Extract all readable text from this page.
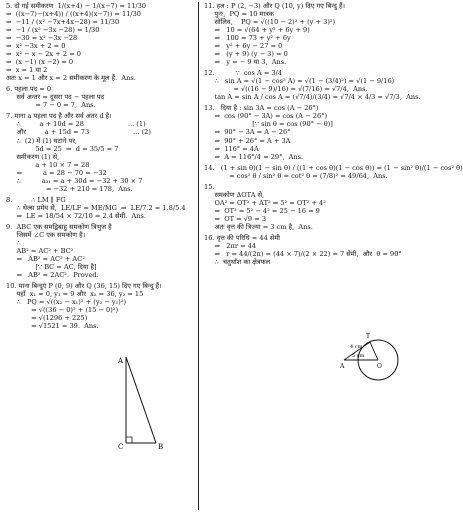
5. दो गई समीकरण  1/(x+4) − 1/(x−7) = 11/30
⇒  ((x−7)−(x+4)) / ((x+4)(x−7)) = 11/30
⇒  −11 / (x² −7x+4x−28) = 11/30
⇒  −1 / (x² −3x −28) = 1/30
⇒  −30 = x² −3x −28
⇒  x² −3x + 2 = 0
⇒  x² − x − 2x + 2 = 0
⇒  (x −1) (x −2) = 0
⇒  x = 1 या 2
अतः x = 1 और x = 2 समीकरण के मूल हैं.  Ans.
6. पहला पद = 0
सर्व अन्तर = दूसरा पद − पहला पद
= 7 − 0 = 7,  Ans.
7. माना a पहला पद है और सर्व अंतर d है।
∴         a + 10d = 28                     ... (1)
और         a + 15d = 73                     ... (2)
∴  (2) में (1) घटाने पर,
5d = 25  ⇒  d = 35/5 = 7
समीकरण (1) से,
a + 10 × 7 = 28
⇒          a = 28 − 70 = −32
∴          a₃₁ = a + 30d = −32 + 30 × 7
= −32 + 210 = 178,  Ans.
8.         ∴ LM ∥ FG
∴ थेल्स प्रमेय से,  LE/LF = ME/MG  ⇒  LE/7.2 = 1.8/5.4
⇒  LE = 18/54 × 72/10 = 2.4 सेमी.  Ans.
9.  ABC एक समद्विबाहु समकोण त्रिभुज है
जिसमें ∠C एक समकोण है।
∴
AB² = AC² + BC²
⇒   AB² = AC² + AC²
[∵ BC = AC, दिया है]
⇒   AB² = 2AC².  Proved.
10. माना बिन्दुएं P (0, 9) और Q (36, 15) दिए गए बिन्दु हैं।
यहाँ  x₁ = 0, y₁ = 9 और  x₂ = 36, y₂ = 15
∴   PQ = √((x₂ − x₁)² + (y₂ − y₁)²)
= √((36 − 0)² + (15 − 0)²)
= √(1296 + 225)
= √1521 = 39.  Ans.
11. हल : P (2, −3) और Q (10, y) दिए गए बिन्दु हैं।
पुनः,  PQ = 10 मात्रक
सॉलिव,    PQ = √((10 − 2)² + (y + 3)²)
⇒   10 = √(64 + y² + 6y + 9)
⇒   100 = 73 + y² + 6y
⇒   y² + 6y − 27 = 0
⇒   (y + 9) (y − 3) = 0
⇒   y = − 9 या 3,  Ans.
12.          ∵  cos A = 3/4
∴   sin A = √(1 − cos² A) = √(1 − (3/4)²) = √(1 − 9/16)
= √((16 − 9)/16) = √(7/16) = √7/4,  Ans.
tan A = sin A / cos A = (√7/4)/(3/4) = √7/4 × 4/3 = √7/3,  Ans.
13.   दिया है : sin 3A = cos (A − 26°)
⇒  cos (90° − 3A) = cos (A − 26°)
[∵ sin θ = cos (90° − θ)]
⇒  90° − 3A = A − 26°
⇒  90° + 26° = A + 3A
⇒  116° = 4A
⇒  A = 116°/4 = 29°,  Ans.
14.   (1 + sin θ)(1 − sin θ) / ((1 + cos θ)(1 − cos θ)) = (1 − sin² θ)/(1 − cos² θ)
= cos² θ / sin² θ = cot² θ = (7/8)² = 49/64,  Ans.
15.
समकोण ΔOTA से,
OA² = OT² + AT² ⇒ 5² = OT² + 4²
⇒  OT² = 5² − 4² = 25 − 16 = 9
⇒  OT = √9 = 3
अतः वृत्त की त्रिज्या = 3 cm है,  Ans.
16. वृत्त की परिधि = 44 सेमी
⇒   2πr = 44
⇒   r = 44/(2π) = (44 × 7)/(2 × 22) = 7 सेमी,  और  θ = 90°
∴  चतुर्थांश का क्षेत्रफल
A
B
C
T
O
A
5 cm
4 cm
